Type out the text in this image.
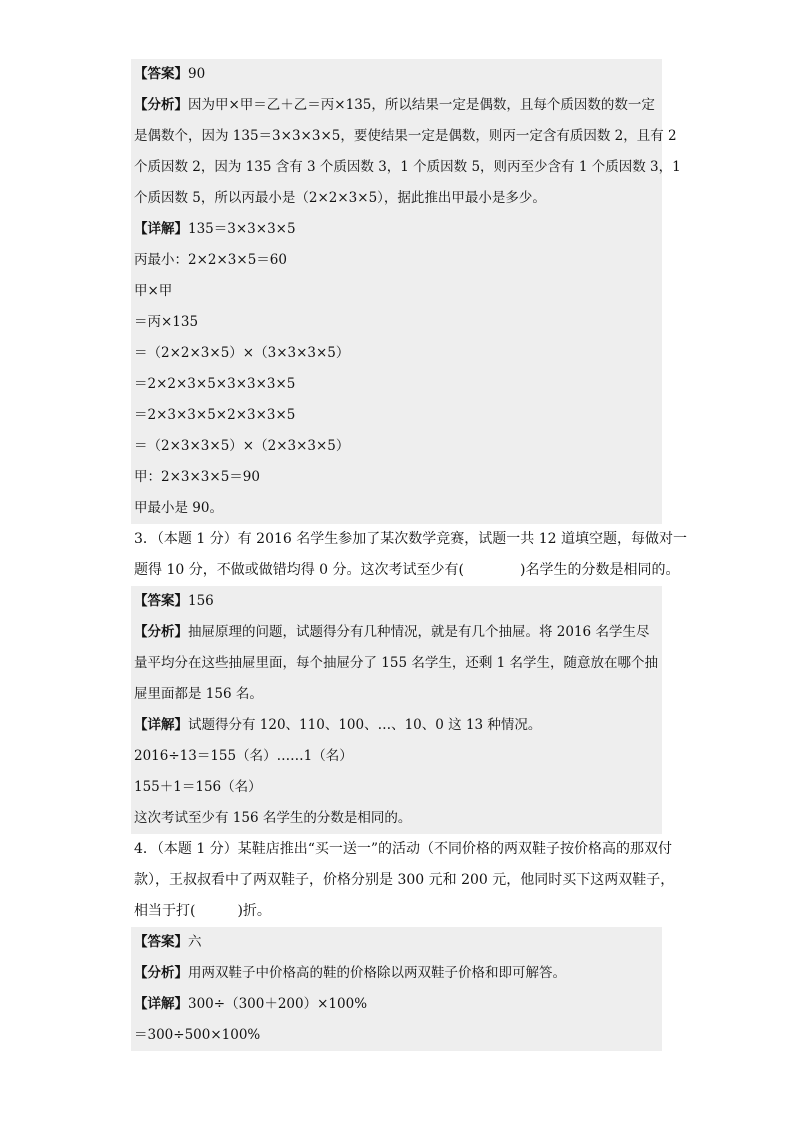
【答案】90
【分析】因为甲×甲＝乙＋乙＝丙×135，所以结果一定是偶数，且每个质因数的数一定
是偶数个，因为 135＝3×3×3×5，要使结果一定是偶数，则丙一定含有质因数 2，且有 2
个质因数 2，因为 135 含有 3 个质因数 3，1 个质因数 5，则丙至少含有 1 个质因数 3，1
个质因数 5，所以丙最小是（2×2×3×5），据此推出甲最小是多少。
【详解】135＝3×3×3×5
丙最小：2×2×3×5＝60
甲×甲
＝丙×135
＝（2×2×3×5）×（3×3×3×5）
＝2×2×3×5×3×3×3×5
＝2×3×3×5×2×3×3×5
＝（2×3×3×5）×（2×3×3×5）
甲：2×3×3×5＝90
甲最小是 90。
3．（本题 1 分）有 2016 名学生参加了某次数学竞赛，试题一共 12 道填空题，每做对一
题得 10 分，不做或做错均得 0 分。这次考试至少有(　　　　)名学生的分数是相同的。
【答案】156
【分析】抽屉原理的问题，试题得分有几种情况，就是有几个抽屉。将 2016 名学生尽
量平均分在这些抽屉里面，每个抽屉分了 155 名学生，还剩 1 名学生，随意放在哪个抽
屉里面都是 156 名。
【详解】试题得分有 120、110、100、…、10、0 这 13 种情况。
2016÷13＝155（名）……1（名）
155＋1＝156（名）
这次考试至少有 156 名学生的分数是相同的。
4．（本题 1 分）某鞋店推出“买一送一”的活动（不同价格的两双鞋子按价格高的那双付
款），王叔叔看中了两双鞋子，价格分别是 300 元和 200 元，他同时买下这两双鞋子，
相当于打(　　　)折。
【答案】六
【分析】用两双鞋子中价格高的鞋的价格除以两双鞋子价格和即可解答。
【详解】300÷（300＋200）×100%
＝300÷500×100%
